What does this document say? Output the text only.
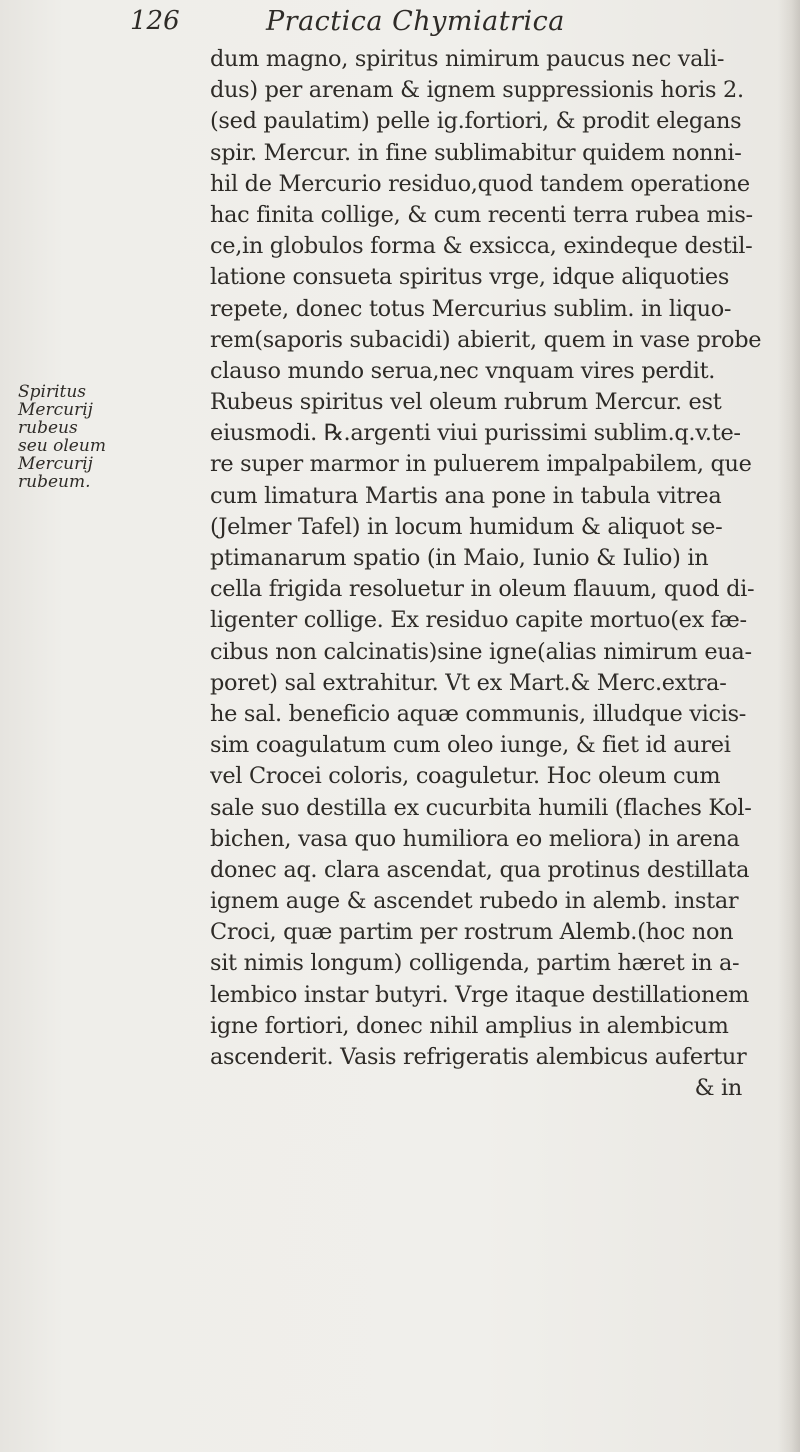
126	Practica Chymiatrica
Spiritus
Mercurij
rubeus
seu oleum
Mercurij
rubeum.
dum magno, spiritus nimirum paucus nec vali-
dus) per arenam & ignem suppressionis horis 2.
(sed paulatim) pelle ig.fortiori, & prodit elegans
spir. Mercur. in fine sublimabitur quidem nonni-
hil de Mercurio residuo,quod tandem operatione
hac finita collige, & cum recenti terra rubea mis-
ce,in globulos forma & exsicca, exindeque destil-
latione consueta spiritus vrge, idque aliquoties
repete, donec totus Mercurius sublim. in liquo-
rem(saporis subacidi) abierit, quem in vase probe
clauso mundo serua,nec vnquam vires perdit.
Rubeus spiritus vel oleum rubrum Mercur. est
eiusmodi. ℞.argenti viui purissimi sublim.q.v.te-
re super marmor in puluerem impalpabilem, que
cum limatura Martis ana pone in tabula vitrea
(Jelmer Tafel) in locum humidum & aliquot se-
ptimanarum spatio (in Maio, Iunio & Iulio) in
cella frigida resoluetur in oleum flauum, quod di-
ligenter collige. Ex residuo capite mortuo(ex fæ-
cibus non calcinatis)sine igne(alias nimirum eua-
poret) sal extrahitur. Vt ex Mart.& Merc.extra-
he sal. beneficio aquæ communis, illudque vicis-
sim coagulatum cum oleo iunge, & fiet id aurei
vel Crocei coloris, coaguletur. Hoc oleum cum
sale suo destilla ex cucurbita humili (flaches Kol-
bichen, vasa quo humiliora eo meliora) in arena
donec aq. clara ascendat, qua protinus destillata
ignem auge & ascendet rubedo in alemb. instar
Croci, quæ partim per rostrum Alemb.(hoc non
sit nimis longum) colligenda, partim hæret in a-
lembico instar butyri. Vrge itaque destillationem
igne fortiori, donec nihil amplius in alembicum
ascenderit. Vasis refrigeratis alembicus aufertur
& in
